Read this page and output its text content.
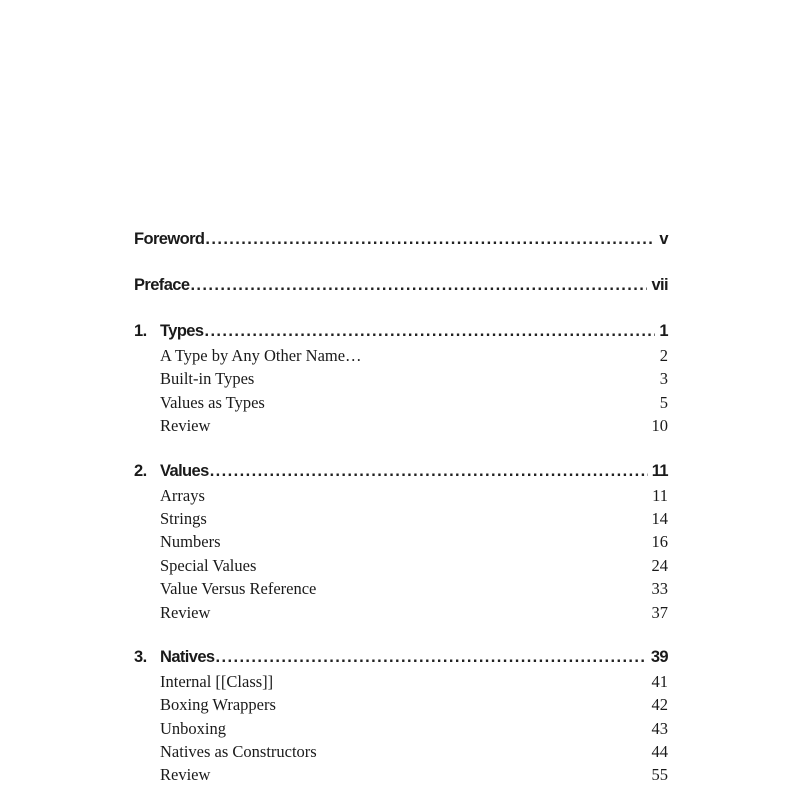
Foreword .....	v
Preface .....	vii
1. Types .....	1
A Type by Any Other Name…	2
Built-in Types	3
Values as Types	5
Review	10
2. Values .....	11
Arrays	11
Strings	14
Numbers	16
Special Values	24
Value Versus Reference	33
Review	37
3. Natives .....	39
Internal [[Class]]	41
Boxing Wrappers	42
Unboxing	43
Natives as Constructors	44
Review	55
